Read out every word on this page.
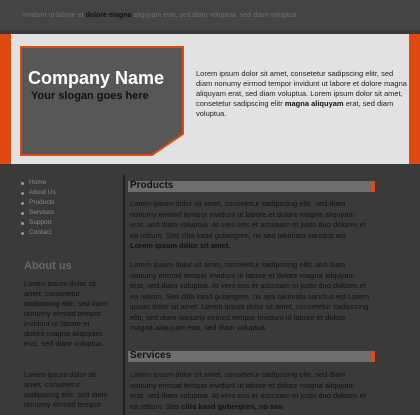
Invidunt ut labore et dolore magna aliquyam erat, sed diam voluptua. sed diam voluptua
Company Name
Your slogan goes here
Lorem ipsum dolor sit amet, consetetur sadipscing elitr, sed diam nonumy eirmod tempor invidunt ut labore et dolore magna aliquyam erat, sed diam voluptua. Lorem ipsum dolor sit amet, consetetur sadipscing elitr magna aliquyam erat, sed diam voluptua.
Home
About Us
Products
Services
Support
Contact
About us
Lorem ipsum dolor sit amet, consetetur sadipscing elitr, sed diam nonumy eirmod tempor invidunt ut labore et dolore magna aliquyam erat, sed diam voluptua.
Lorem ipsum dolor sit amet, consetetur sadipscing elitr, sed diam nonumy eirmod tempor
Products
Lorem ipsum dolor sit amet, consetetur sadipscing elitr, sed diam nonumy eirmod tempor invidunt ut labore et dolore magna aliquyam erat, sed diam voluptua. At vero eos et accusam et justo duo dolores et ea rebum. Stet clita kasd gubergren, no sea takimata sanctus est Lorem ipsum dolor sit amet.
Lorem ipsum dolor sit amet, consetetur sadipscing elitr, sed diam nonumy eirmod tempor invidunt ut labore et dolore magna aliquyam erat, sed diam voluptua. At vero eos et accusam et justo duo dolores et ea rebum. Stet clita kasd gubergren, no sea takimata sanctus est Lorem ipsum dolor sit amet. Lorem ipsum dolor sit amet, consetetur sadipscing elitr, sed diam nonumy eirmod tempor invidunt ut labore et dolore magna aliquyam erat, sed diam voluptua.
Services
Lorem ipsum dolor sit amet, consetetur sadipscing elitr, sed diam nonumy eirmod tempor invidunt ut labore et dolore magna aliquyam erat, sed diam voluptua. At vero eos et accusam et justo duo dolores et ea rebum. Stet clita kasd gubergren, no sea
